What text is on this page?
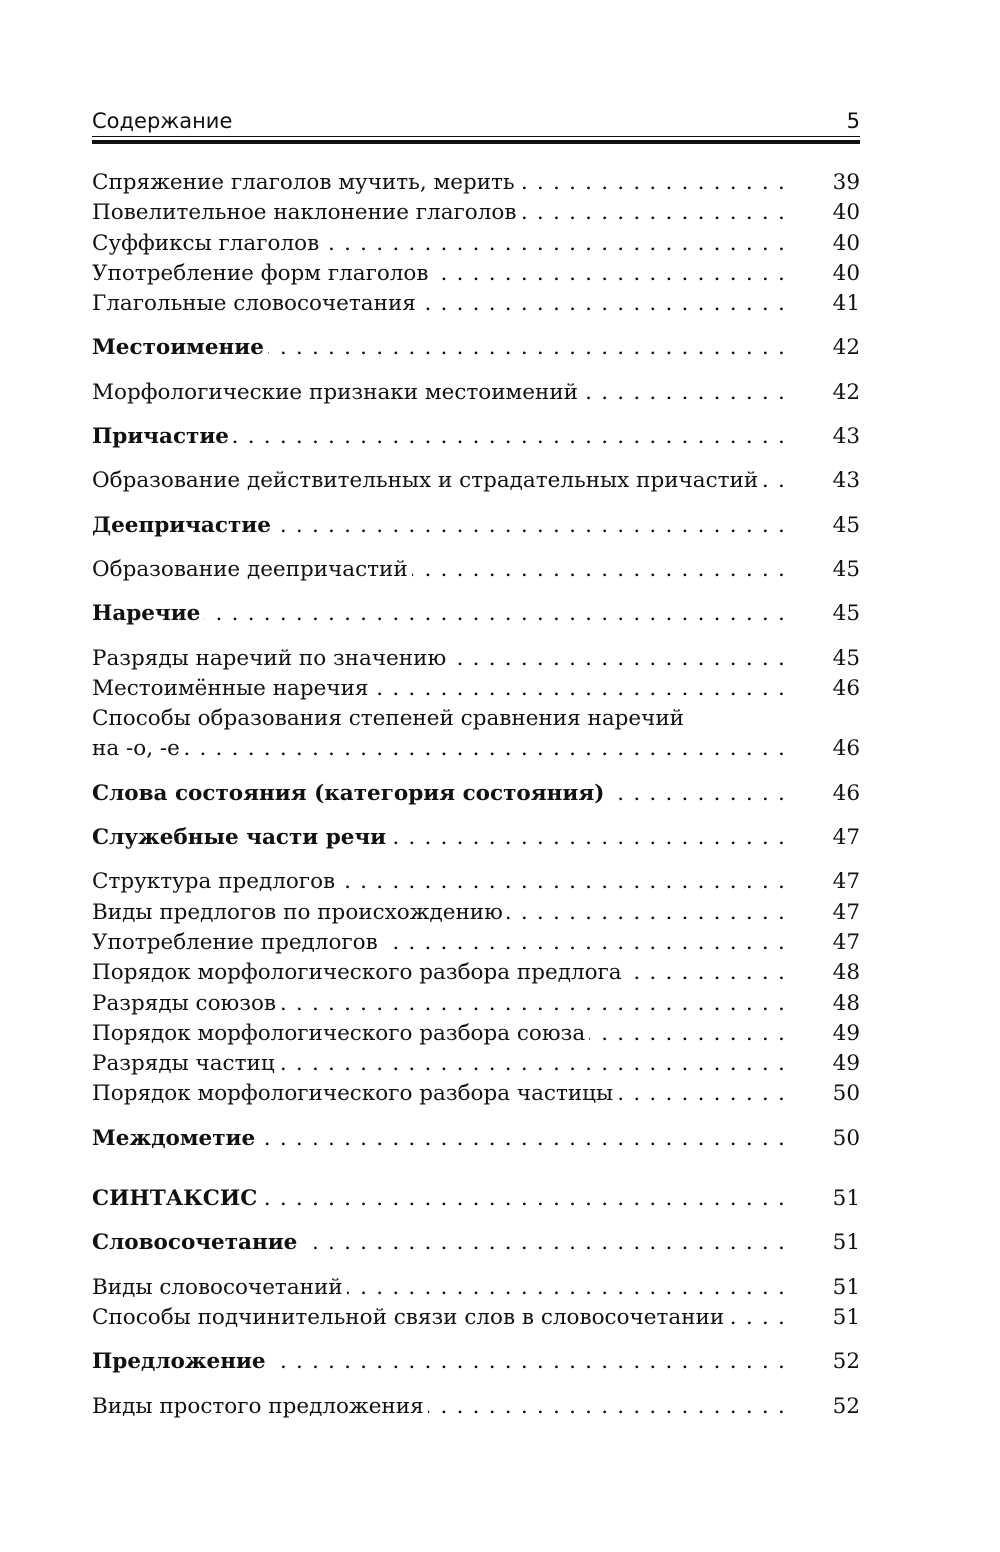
Содержание	5
Спряжение глаголов мучить, мерить . . .	39
Повелительное наклонение глаголов . . .	40
Суффиксы глаголов . . .	40
Употребление форм глаголов . . .	40
Глагольные словосочетания . . .	41
Местоимение . . .	42
Морфологические признаки местоимений . . .	42
Причастие . . .	43
Образование действительных и страдательных причастий . . .	43
Деепричастие . . .	45
Образование деепричастий . . .	45
Наречие . . .	45
Разряды наречий по значению . . .	45
Местоимённые наречия . . .	46
Способы образования степеней сравнения наречий
на -о, -е . . .	46
Слова состояния (категория состояния) . . .	46
Служебные части речи . . .	47
Структура предлогов . . .	47
Виды предлогов по происхождению . . .	47
Употребление предлогов . . .	47
Порядок морфологического разбора предлога . . .	48
Разряды союзов . . .	48
Порядок морфологического разбора союза . . .	49
Разряды частиц . . .	49
Порядок морфологического разбора частицы . . .	50
Междометие . . .	50
СИНТАКСИС . . .	51
Словосочетание . . .	51
Виды словосочетаний . . .	51
Способы подчинительной связи слов в словосочетании . . .	51
Предложение . . .	52
Виды простого предложения . . .	52
